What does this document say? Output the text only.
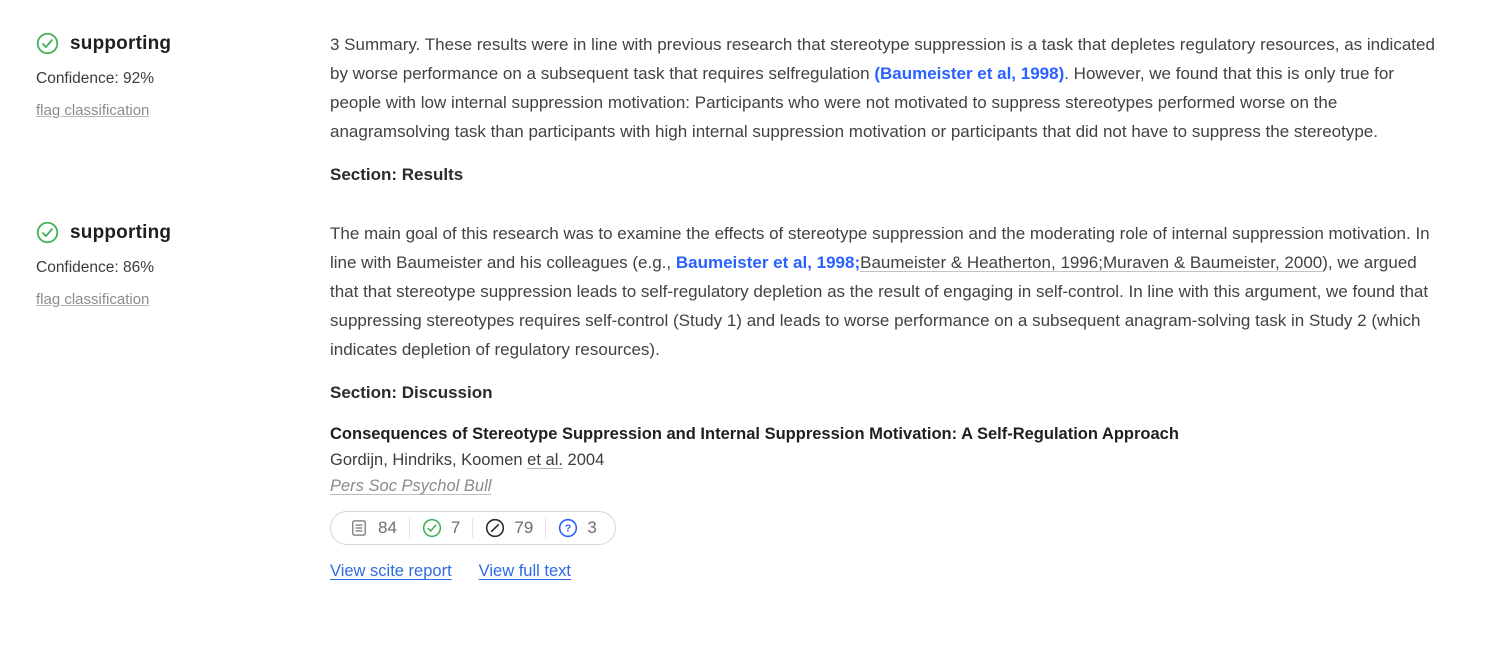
supporting
Confidence: 92%
flag classification

3 Summary. These results were in line with previous research that stereotype suppression is a task that depletes regulatory resources, as indicated by worse performance on a subsequent task that requires selfregulation (Baumeister et al, 1998). However, we found that this is only true for people with low internal suppression motivation: Participants who were not motivated to suppress stereotypes performed worse on the anagramsolving task than participants with high internal suppression motivation or participants that did not have to suppress the stereotype.

Section: Results

supporting
Confidence: 86%
flag classification

The main goal of this research was to examine the effects of stereotype suppression and the moderating role of internal suppression motivation. In line with Baumeister and his colleagues (e.g., Baumeister et al, 1998;Baumeister & Heatherton, 1996;Muraven & Baumeister, 2000), we argued that that stereotype suppression leads to self-regulatory depletion as the result of engaging in self-control. In line with this argument, we found that suppressing stereotypes requires self-control (Study 1) and leads to worse performance on a subsequent anagram-solving task in Study 2 (which indicates depletion of regulatory resources).

Section: Discussion

Consequences of Stereotype Suppression and Internal Suppression Motivation: A Self-Regulation Approach
Gordijn, Hindriks, Koomen et al. 2004
Pers Soc Psychol Bull
84	7	79	? 3
View scite report View full text
